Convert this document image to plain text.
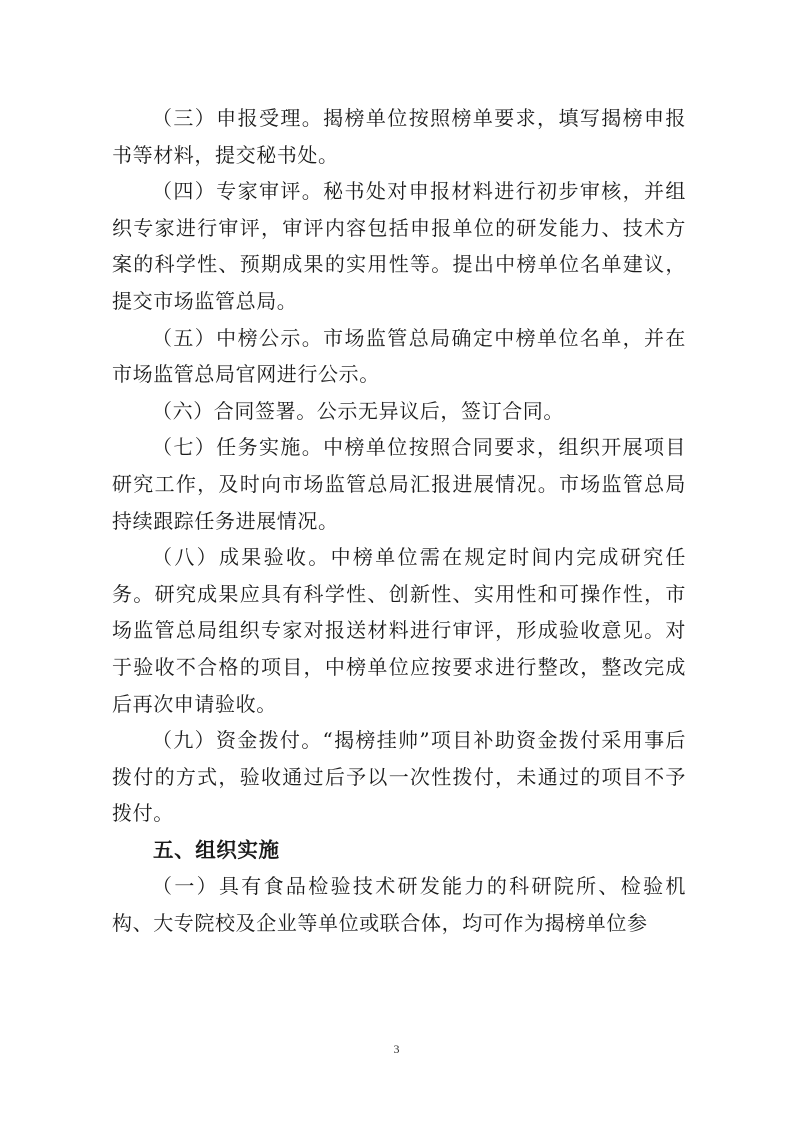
（三）申报受理。揭榜单位按照榜单要求，填写揭榜申报书等材料，提交秘书处。

（四）专家审评。秘书处对申报材料进行初步审核，并组织专家进行审评，审评内容包括申报单位的研发能力、技术方案的科学性、预期成果的实用性等。提出中榜单位名单建议，提交市场监管总局。

（五）中榜公示。市场监管总局确定中榜单位名单，并在市场监管总局官网进行公示。

（六）合同签署。公示无异议后，签订合同。

（七）任务实施。中榜单位按照合同要求，组织开展项目研究工作，及时向市场监管总局汇报进展情况。市场监管总局持续跟踪任务进展情况。

（八）成果验收。中榜单位需在规定时间内完成研究任务。研究成果应具有科学性、创新性、实用性和可操作性，市场监管总局组织专家对报送材料进行审评，形成验收意见。对于验收不合格的项目，中榜单位应按要求进行整改，整改完成后再次申请验收。

（九）资金拨付。“揭榜挂帅”项目补助资金拨付采用事后拨付的方式，验收通过后予以一次性拨付，未通过的项目不予拨付。

五、组织实施

（一）具有食品检验技术研发能力的科研院所、检验机构、大专院校及企业等单位或联合体，均可作为揭榜单位参

3
